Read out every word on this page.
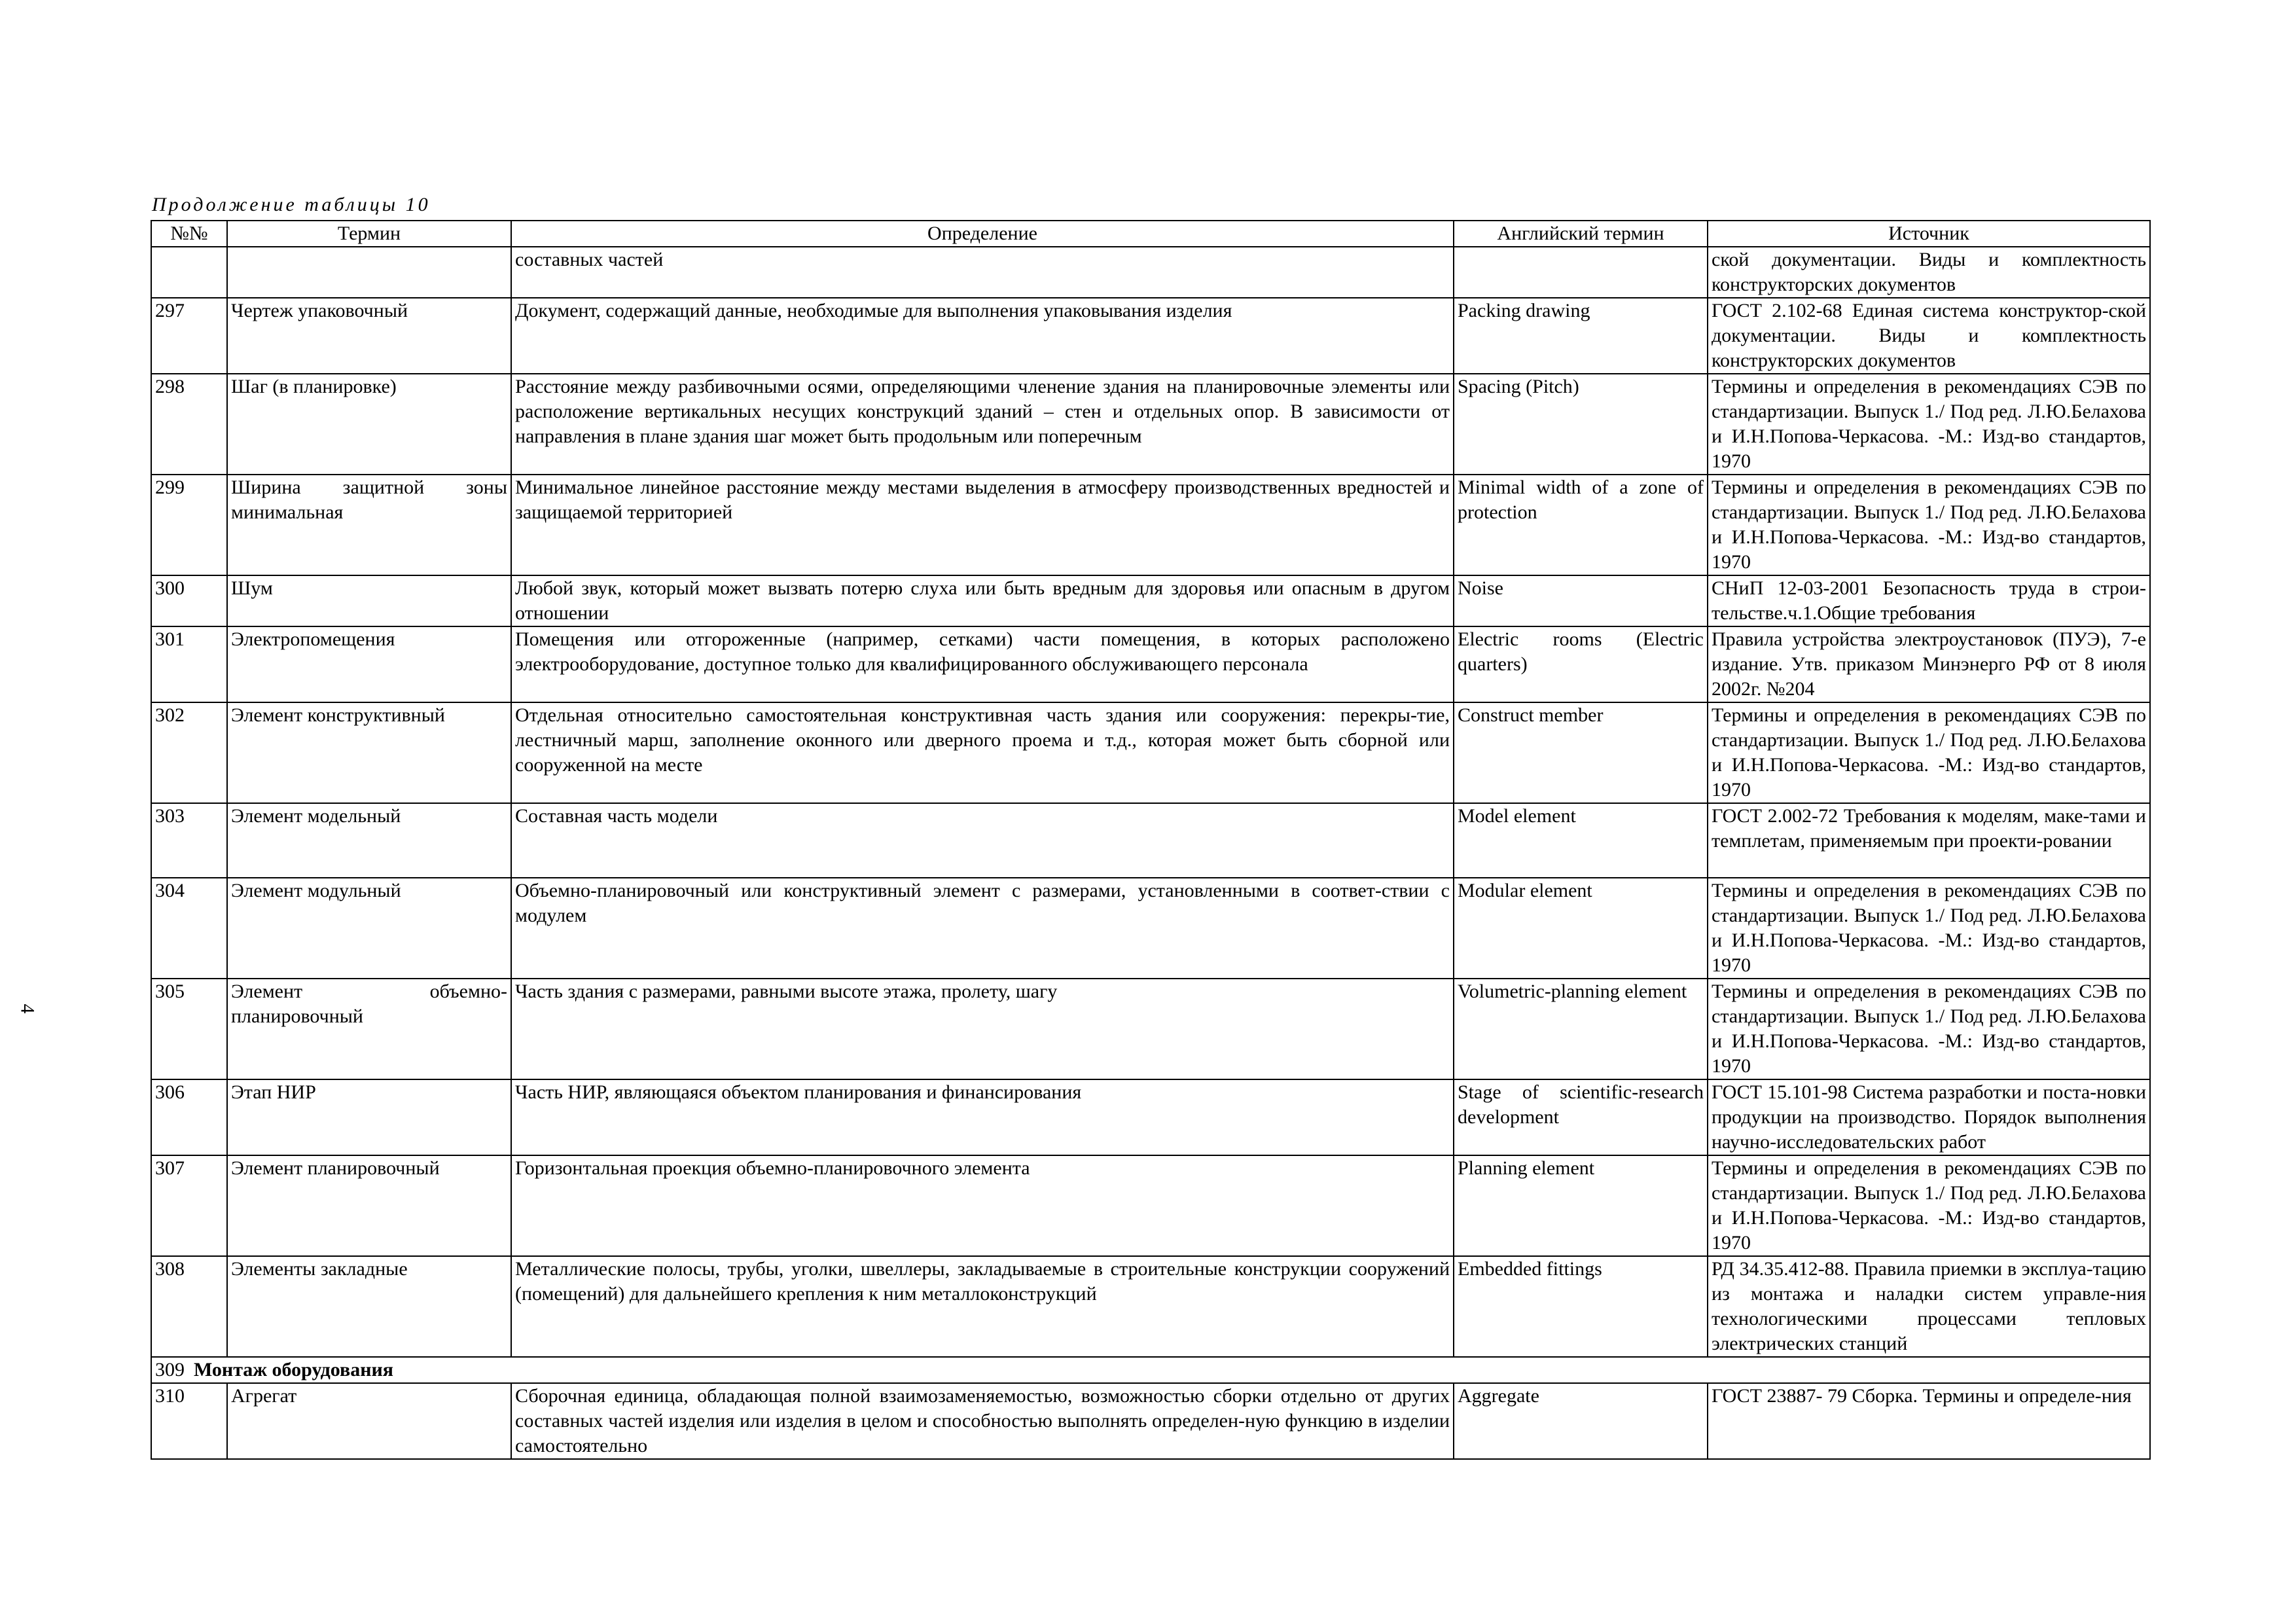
4
Продолжение таблицы 10
№№	Термин	Определение	Английский термин	Источник
		составных частей		ской документации. Виды и комплектность конструкторских документов
297	Чертеж упаковочный	Документ, содержащий данные, необходимые для выполнения упаковывания изделия	Packing drawing	ГОСТ 2.102-68 Единая система конструктор-ской документации. Виды и комплектность конструкторских документов
298	Шаг (в планировке)	Расстояние между разбивочными осями, определяющими членение здания на планировочные элементы или расположение вертикальных несущих конструкций зданий – стен и отдельных опор. В зависимости от направления в плане здания шаг может быть продольным или поперечным	Spacing (Pitch)	Термины и определения в рекомендациях СЭВ по стандартизации. Выпуск 1./ Под ред. Л.Ю.Белахова и И.Н.Попова-Черкасова. -М.: Изд-во стандартов, 1970
299	Ширина защитной зоны минимальная	Минимальное линейное расстояние между местами выделения в атмосферу производственных вредностей и защищаемой территорией	Minimal width of a zone of protection	Термины и определения в рекомендациях СЭВ по стандартизации. Выпуск 1./ Под ред. Л.Ю.Белахова и И.Н.Попова-Черкасова. -М.: Изд-во стандартов, 1970
300	Шум	Любой звук, который может вызвать потерю слуха или быть вредным для здоровья или опасным в другом отношении	Noise	СНиП 12-03-2001 Безопасность труда в строи-тельстве.ч.1.Общие требования
301	Электропомещения	Помещения или отгороженные (например, сетками) части помещения, в которых расположено электрооборудование, доступное только для квалифицированного обслуживающего персонала	Electric rooms (Electric quarters)	Правила устройства электроустановок (ПУЭ), 7-е издание. Утв. приказом Минэнерго РФ от 8 июля 2002г. №204
302	Элемент конструктивный	Отдельная относительно самостоятельная конструктивная часть здания или сооружения: перекры-тие, лестничный марш, заполнение оконного или дверного проема и т.д., которая может быть сборной или сооруженной на месте	Construct member	Термины и определения в рекомендациях СЭВ по стандартизации. Выпуск 1./ Под ред. Л.Ю.Белахова и И.Н.Попова-Черкасова. -М.: Изд-во стандартов, 1970
303	Элемент модельный	Составная часть модели	Model element	ГОСТ 2.002-72 Требования к моделям, маке-тами и темплетам, применяемым при проекти-ровании
304	Элемент модульный	Объемно-планировочный или конструктивный элемент с размерами, установленными в соответ-ствии с модулем	Modular element	Термины и определения в рекомендациях СЭВ по стандартизации. Выпуск 1./ Под ред. Л.Ю.Белахова и И.Н.Попова-Черкасова. -М.: Изд-во стандартов, 1970
305	Элемент объемно-планировочный	Часть здания с размерами, равными высоте этажа, пролету, шагу	Volumetric-planning element	Термины и определения в рекомендациях СЭВ по стандартизации. Выпуск 1./ Под ред. Л.Ю.Белахова и И.Н.Попова-Черкасова. -М.: Изд-во стандартов, 1970
306	Этап НИР	Часть НИР, являющаяся объектом планирования и финансирования	Stage of scientific-research development	ГОСТ 15.101-98 Система разработки и поста-новки продукции на производство. Порядок выполнения научно-исследовательских работ
307	Элемент планировочный	Горизонтальная проекция объемно-планировочного элемента	Planning element	Термины и определения в рекомендациях СЭВ по стандартизации. Выпуск 1./ Под ред. Л.Ю.Белахова и И.Н.Попова-Черкасова. -М.: Изд-во стандартов, 1970
308	Элементы закладные	Металлические полосы, трубы, уголки, швеллеры, закладываемые в строительные конструкции сооружений (помещений) для дальнейшего крепления к ним металлоконструкций	Embedded fittings	РД 34.35.412-88. Правила приемки в эксплуа-тацию из монтажа и наладки систем управле-ния технологическими процессами тепловых электрических станций
309 Монтаж оборудования				
310	Агрегат	Сборочная единица, обладающая полной взаимозаменяемостью, возможностью сборки отдельно от других составных частей изделия или изделия в целом и способностью выполнять определен-ную функцию в изделии самостоятельно	Aggregate	ГОСТ 23887- 79 Сборка. Термины и определе-ния
